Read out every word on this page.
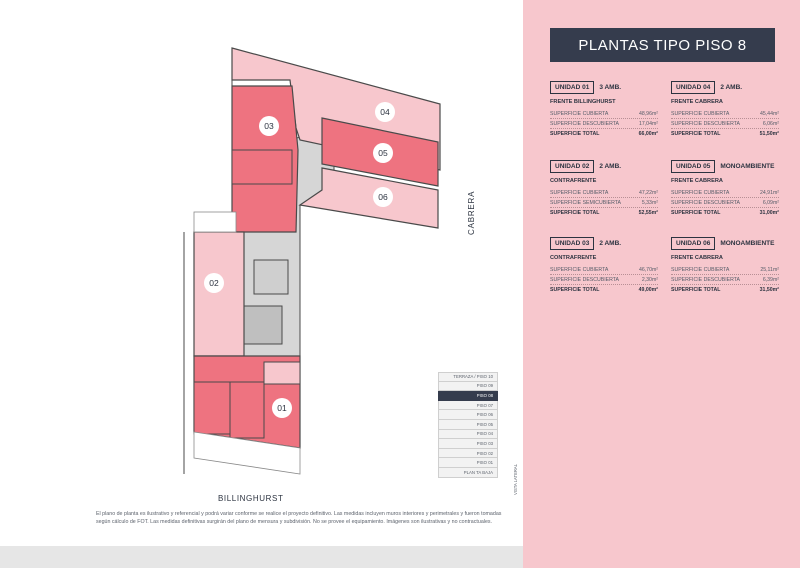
01
02
03
04
05
06
BILLINGHURST
CABRERA
TERRAZA / PISO 10
PISO 09
PISO 08
PISO 07
PISO 06
PISO 05
PISO 04
PISO 03
PISO 02
PISO 01
PLAN TA BAJA	VISTA LATERAL
El plano de planta es ilustrativo y referencial y podrá variar conforme se realice el proyecto definitivo. Las medidas incluyen muros interiores y perimetrales y fueron tomadas según cálculo de FOT. Las medidas definitivas surgirán del plano de mensura y subdivisión. No se provee el equipamiento. Imágenes son ilustrativas y no contractuales.
PLANTAS TIPO PISO 8
UNIDAD 01	3 AMB.
FRENTE BILLINGHURST
SUPERFICIE CUBIERTA	48,96m²
SUPERFICIE DESCUBIERTA	17,04m²
SUPERFICIE TOTAL	66,00m²
UNIDAD 04	2 AMB.
FRENTE CABRERA
SUPERFICIE CUBIERTA	45,44m²
SUPERFICIE DESCUBIERTA	6,06m²
SUPERFICIE TOTAL	51,50m²
UNIDAD 02	2 AMB.
CONTRAFRENTE
SUPERFICIE CUBIERTA	47,22m²
SUPERFICIE SEMICUBIERTA	5,33m²
SUPERFICIE TOTAL	52,55m²
UNIDAD 05	MONOAMBIENTE
FRENTE CABRERA
SUPERFICIE CUBIERTA	24,91m²
SUPERFICIE DESCUBIERTA	6,09m²
SUPERFICIE TOTAL	31,00m²
UNIDAD 03	2 AMB.
CONTRAFRENTE
SUPERFICIE CUBIERTA	46,70m²
SUPERFICIE DESCUBIERTA	2,30m²
SUPERFICIE TOTAL	49,00m²
UNIDAD 06	MONOAMBIENTE
FRENTE CABRERA
SUPERFICIE CUBIERTA	25,11m²
SUPERFICIE DESCUBIERTA	6,39m²
SUPERFICIE TOTAL	31,50m²
